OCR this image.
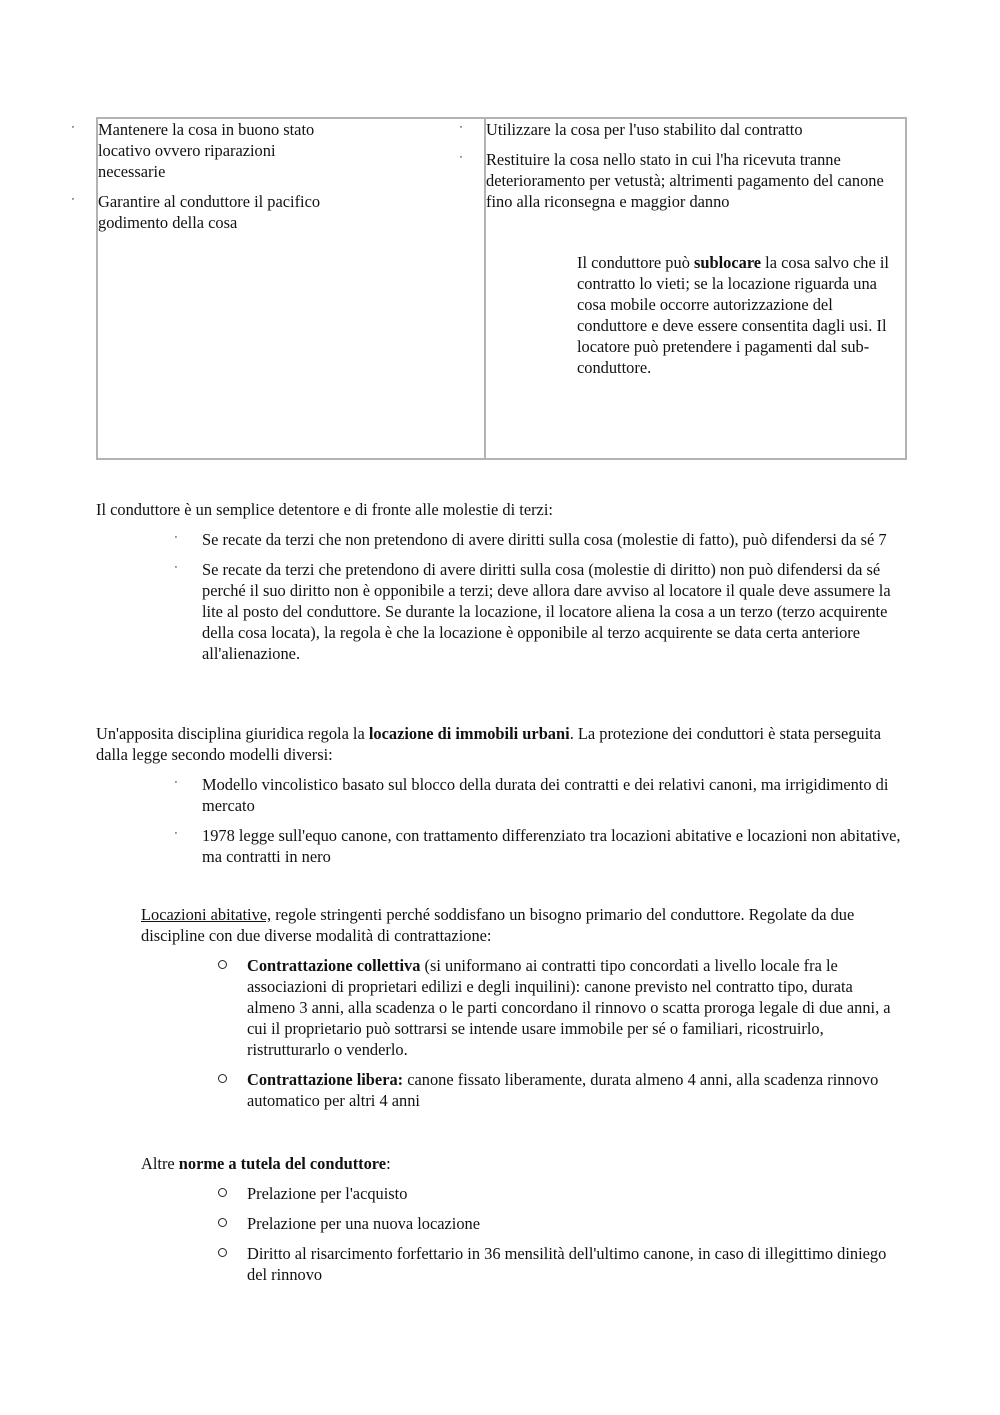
٠ Mantenere la cosa in buono stato locativo ovvero riparazioni necessarie
٠ Garantire al conduttore il pacifico godimento della cosa

٠ Utilizzare la cosa per l'uso stabilito dal contratto
٠ Restituire la cosa nello stato in cui l'ha ricevuta tranne deterioramento per vetustà; altrimenti pagamento del canone fino alla riconsegna e maggior danno

Il conduttore può sublocare la cosa salvo che il contratto lo vieti; se la locazione riguarda una cosa mobile occorre autorizzazione del conduttore e deve essere consentita dagli usi. Il locatore può pretendere i pagamenti dal sub-conduttore.

Il conduttore è un semplice detentore e di fronte alle molestie di terzi:

٠ Se recate da terzi che non pretendono di avere diritti sulla cosa (molestie di fatto), può difendersi da sé 7
٠ Se recate da terzi che pretendono di avere diritti sulla cosa (molestie di diritto) non può difendersi da sé perché il suo diritto non è opponibile a terzi; deve allora dare avviso al locatore il quale deve assumere la lite al posto del conduttore. Se durante la locazione, il locatore aliena la cosa a un terzo (terzo acquirente della cosa locata), la regola è che la locazione è opponibile al terzo acquirente se data certa anteriore all'alienazione.

Un'apposita disciplina giuridica regola la locazione di immobili urbani. La protezione dei conduttori è stata perseguita dalla legge secondo modelli diversi:

٠ Modello vincolistico basato sul blocco della durata dei contratti e dei relativi canoni, ma irrigidimento di mercato
٠ 1978 legge sull'equo canone, con trattamento differenziato tra locazioni abitative e locazioni non abitative, ma contratti in nero

Locazioni abitative, regole stringenti perché soddisfano un bisogno primario del conduttore. Regolate da due discipline con due diverse modalità di contrattazione:

Contrattazione collettiva (si uniformano ai contratti tipo concordati a livello locale fra le associazioni di proprietari edilizi e degli inquilini): canone previsto nel contratto tipo, durata almeno 3 anni, alla scadenza o le parti concordano il rinnovo o scatta proroga legale di due anni, a cui il proprietario può sottrarsi se intende usare immobile per sé o familiari, ricostruirlo, ristrutturarlo o venderlo.
Contrattazione libera: canone fissato liberamente, durata almeno 4 anni, alla scadenza rinnovo automatico per altri 4 anni

Altre norme a tutela del conduttore:

Prelazione per l'acquisto
Prelazione per una nuova locazione
Diritto al risarcimento forfettario in 36 mensilità dell'ultimo canone, in caso di illegittimo diniego del rinnovo
